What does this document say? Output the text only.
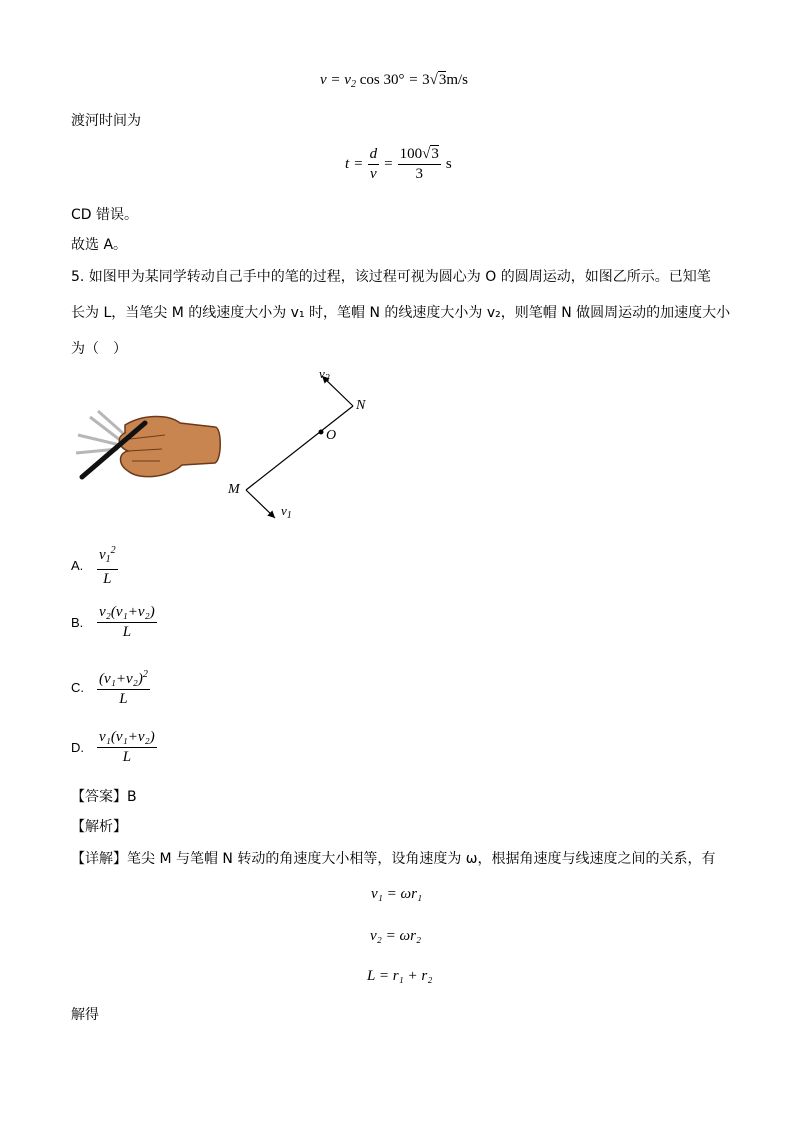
$v = v_2$ cos 30° = 3√3m/s
渡河时间为
$t = \frac{d}{v} = \frac{100√3}{3}$ s
CD 错误。
故选 A。
5. 如图甲为某同学转动自己手中的笔的过程，该过程可视为圆心为 O 的圆周运动，如图乙所示。已知笔
长为 L，当笔尖 M 的线速度大小为 v₁ 时，笔帽 N 的线速度大小为 v₂，则笔帽 N 做圆周运动的加速度大小
为（　）
$v_2$
N
O
M
$v_1$
A. $\frac{v_1^2}{L}$
B. $\frac{\text{v₂(v₁+v₂)}}{L}$
C. $\frac{(v_1+v_2)^2}{L}$
D. $\frac{\text{v₁(v₁+v₂)}}{L}$
【答案】B
【解析】
【详解】笔尖 M 与笔帽 N 转动的角速度大小相等，设角速度为 ω，根据角速度与线速度之间的关系，有
v₁ = ωr₁
v₂ = ωr₂
L = r₁ + r₂
解得
